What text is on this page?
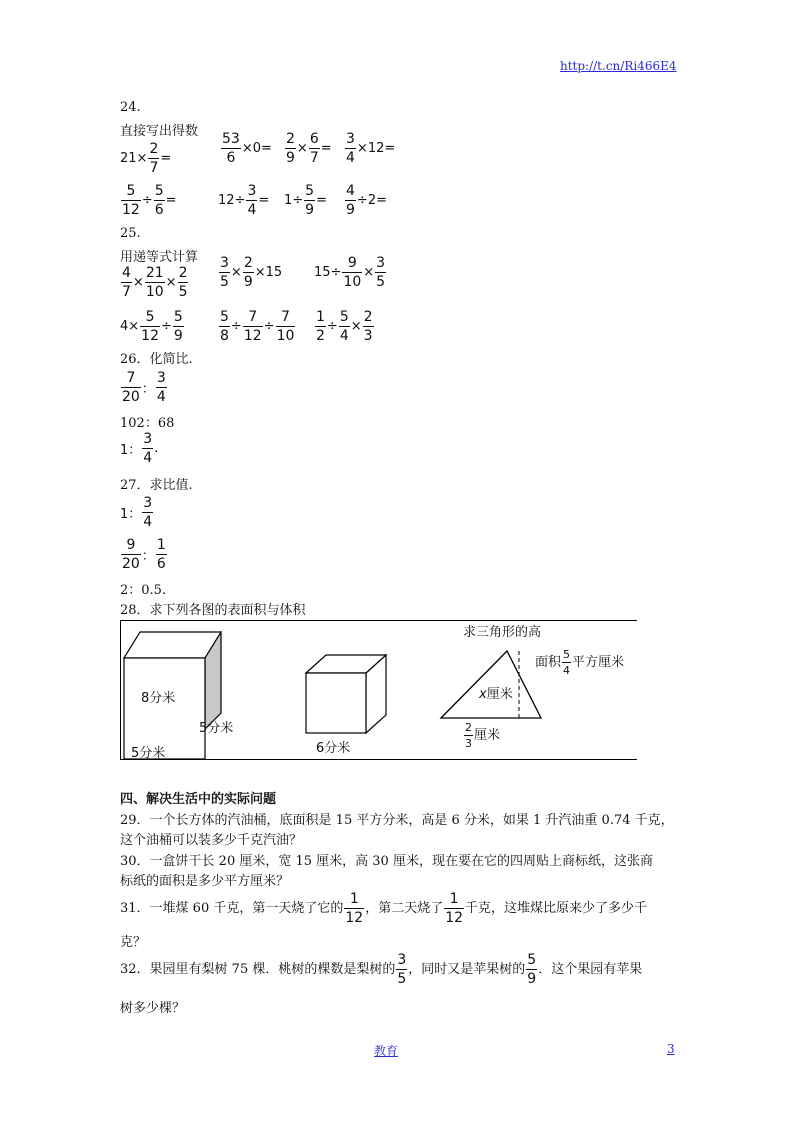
http://t.cn/Ri466E4
24.
直接写出得数
$21\times \frac{2}{7}$ =	$\frac{53}{6} \times 0= \frac{2}{9} \times \frac{6}{7} = \frac{3}{4} \times 12=$
$\frac{5}{12} \div \frac{5}{6}$ =	$12\div \frac{3}{4} = 1\div \frac{5}{9} = \frac{4}{9} \div 2=$
25.
用递等式计算
$\frac{4}{7} \times \frac{21}{10} \times \frac{2}{5} \frac{3}{5} \times \frac{2}{9} \times 15$ $15\div \frac{9}{10} \times \frac{3}{5}$
$4\times \frac{5}{12} \div \frac{5}{9}$	$\frac{5}{8} \div \frac{7}{12} \div \frac{7}{10} \frac{1}{2} \div \frac{5}{4} \times \frac{2}{3}$
26．化简比.
$\frac{7}{20}$ ： $\frac{3}{4}$
102：68
1： $\frac{3}{4}$ .
27．求比值.
1： $\frac{3}{4}$
$\frac{9}{20}$ ： $\frac{1}{6}$
2：0.5.
28．求下列各图的表面积与体积
8分米
5分米
5分米	6分米
求三角形的高
面积 $\frac{5}{4}$ 平方厘米
x厘米
$\frac{2}{3}$ 厘米
四、解决生活中的实际问题
29．一个长方体的汽油桶，底面积是 15 平方分米，高是 6 分米，如果 1 升汽油重 0.74 千克，
这个油桶可以装多少千克汽油？
30．一盒饼干长 20 厘米，宽 15 厘米，高 30 厘米，现在要在它的四周贴上商标纸，这张商
标纸的面积是多少平方厘米？
31．一堆煤 60 千克，第一天烧了它的 $\frac{1}{12}$ ，第二天烧了 $\frac{1}{12}$ 千克，这堆煤比原来少了多少千
克？
32．果园里有梨树 75 棵．桃树的棵数是梨树的 $\frac{3}{5}$ ，同时又是苹果树的 $\frac{5}{9}$ ．这个果园有苹果
树多少棵？
教育	3
